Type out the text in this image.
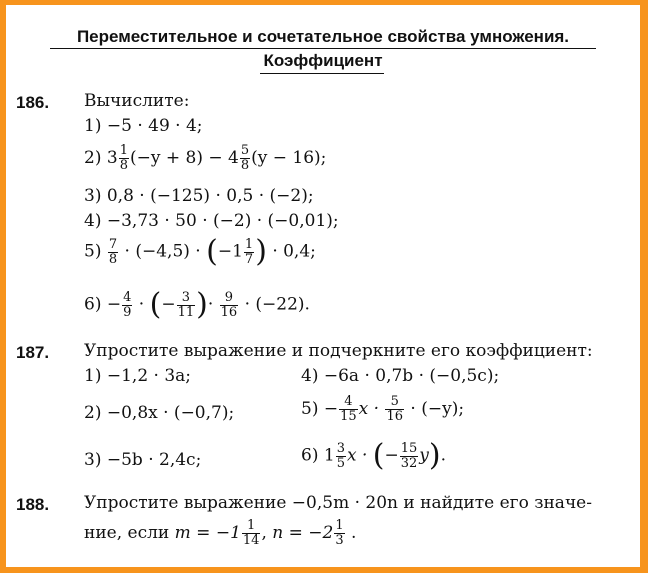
Переместительное и сочетательное свойства умножения.
Коэффициент
186. Вычислите:
1) −5 · 49 · 4;
2) $3 \frac{1}{8} (-y + 8) - 4 \frac{5}{8} (y - 16)$;
3) 0,8 · (−125) · 0,5 · (−2);
4) −3,73 · 50 · (−2) · (−0,01);
$5) \frac{7}{8} \cdot (-4,5) \cdot (-1 \frac{1}{7}$ ) · 0,4;
$6) - \frac{4}{9}$ · (− $\frac{3}{11}$ )· $\frac{9}{16} \cdot (-22)$.
187. Упростите выражение и подчеркните его коэффициент:
1) −1,2 · 3a;	4) −6a · 0,7b · (−0,5c);
2) −0,8x · (−0,7);	$5) - \frac{4}{15}$ $x \cdot \frac{5}{16} \cdot (-y)$;
3) −5b · 2,4c;	6) $1 \frac{3}{5}$ x · (− $\frac{15}{32} y$).
188. Упростите выражение −0,5m · 20n и найдите его значе-
ние, если $m = -1 \frac{1}{14}$ , $n = -2 \frac{1}{3}$ .
